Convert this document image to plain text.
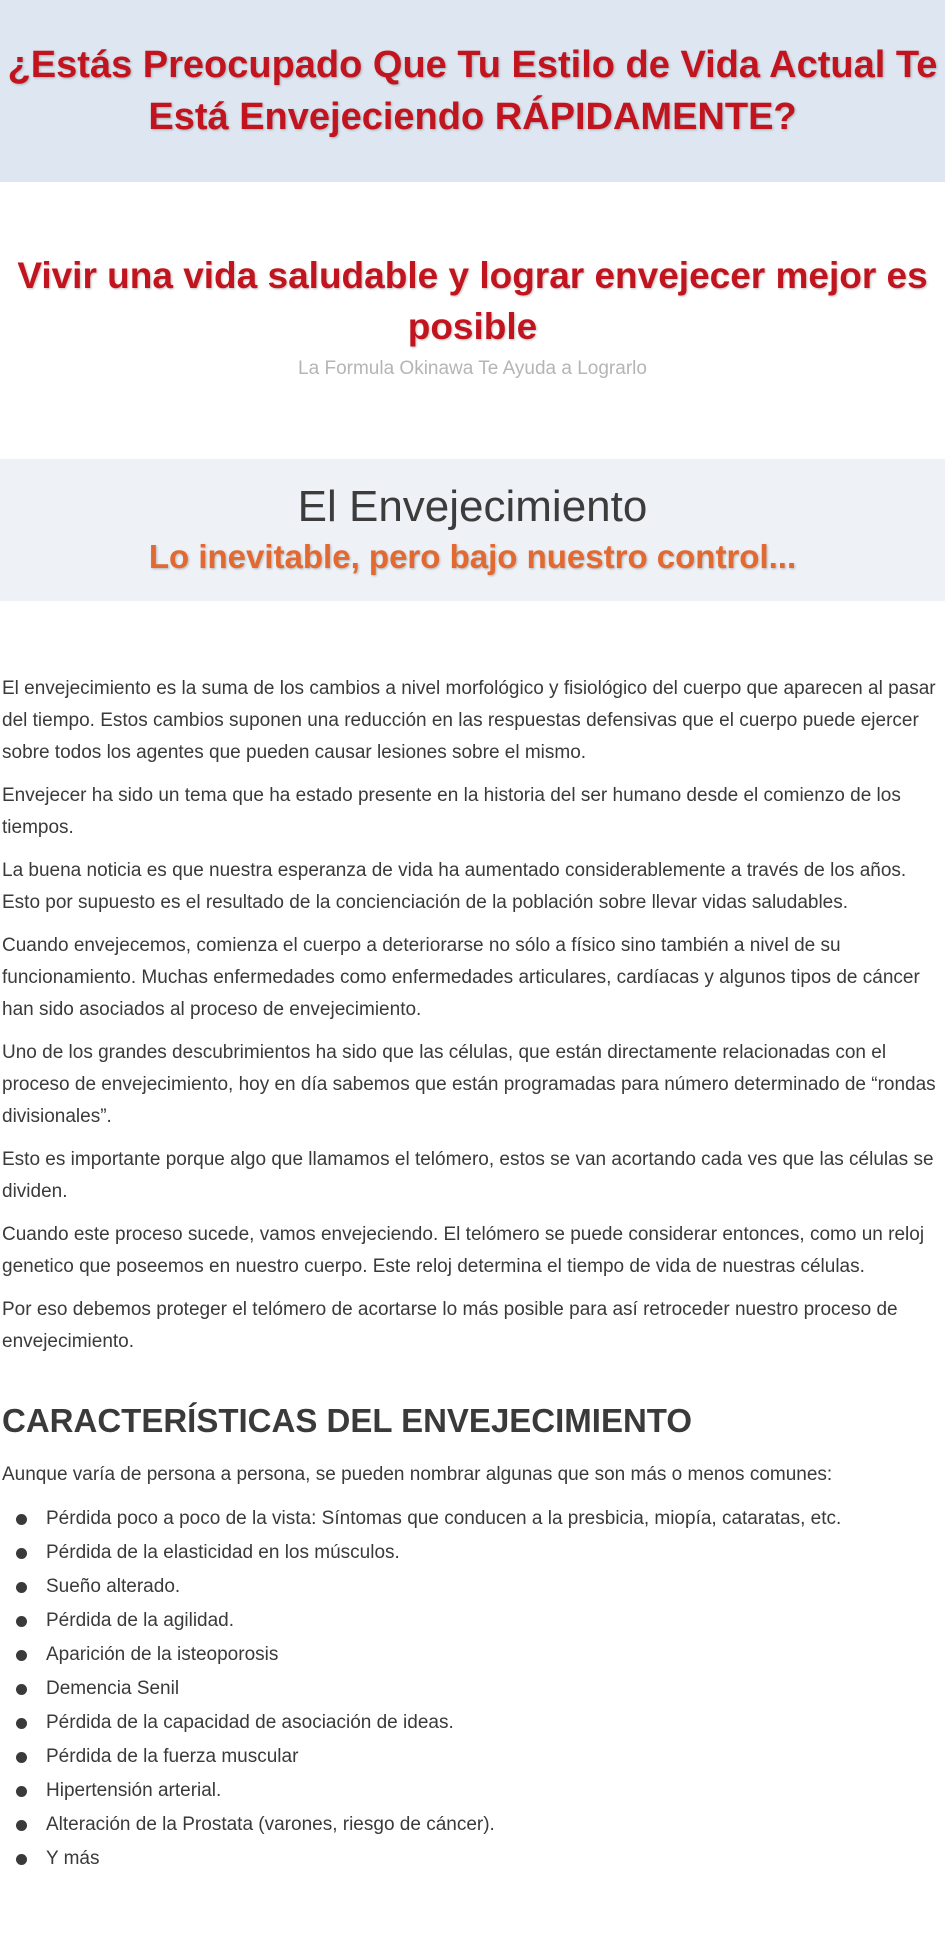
¿Estás Preocupado Que Tu Estilo de Vida Actual Te
Está Envejeciendo RÁPIDAMENTE?
Vivir una vida saludable y lograr envejecer mejor es posible
La Formula Okinawa Te Ayuda a Lograrlo
El Envejecimiento
Lo inevitable, pero bajo nuestro control...

El envejecimiento es la suma de los cambios a nivel morfológico y fisiológico del cuerpo que aparecen al pasar del tiempo. Estos cambios suponen una reducción en las respuestas defensivas que el cuerpo puede ejercer sobre todos los agentes que pueden causar lesiones sobre el mismo.

Envejecer ha sido un tema que ha estado presente en la historia del ser humano desde el comienzo de los tiempos.

La buena noticia es que nuestra esperanza de vida ha aumentado considerablemente a través de los años. Esto por supuesto es el resultado de la concienciación de la población sobre llevar vidas saludables.

Cuando envejecemos, comienza el cuerpo a deteriorarse no sólo a físico sino también a nivel de su funcionamiento. Muchas enfermedades como enfermedades articulares, cardíacas y algunos tipos de cáncer han sido asociados al proceso de envejecimiento.

Uno de los grandes descubrimientos ha sido que las células, que están directamente relacionadas con el proceso de envejecimiento, hoy en día sabemos que están programadas para número determinado de “rondas divisionales”.

Esto es importante porque algo que llamamos el telómero, estos se van acortando cada ves que las células se dividen.

Cuando este proceso sucede, vamos envejeciendo. El telómero se puede considerar entonces, como un reloj genetico que poseemos en nuestro cuerpo. Este reloj determina el tiempo de vida de nuestras células.

Por eso debemos proteger el telómero de acortarse lo más posible para así retroceder nuestro proceso de envejecimiento.

CARACTERÍSTICAS DEL ENVEJECIMIENTO

Aunque varía de persona a persona, se pueden nombrar algunas que son más o menos comunes:

Pérdida poco a poco de la vista: Síntomas que conducen a la presbicia, miopía, cataratas, etc.
Pérdida de la elasticidad en los músculos.
Sueño alterado.
Pérdida de la agilidad.
Aparición de la isteoporosis
Demencia Senil
Pérdida de la capacidad de asociación de ideas.
Pérdida de la fuerza muscular
Hipertensión arterial.
Alteración de la Prostata (varones, riesgo de cáncer).
Y más
